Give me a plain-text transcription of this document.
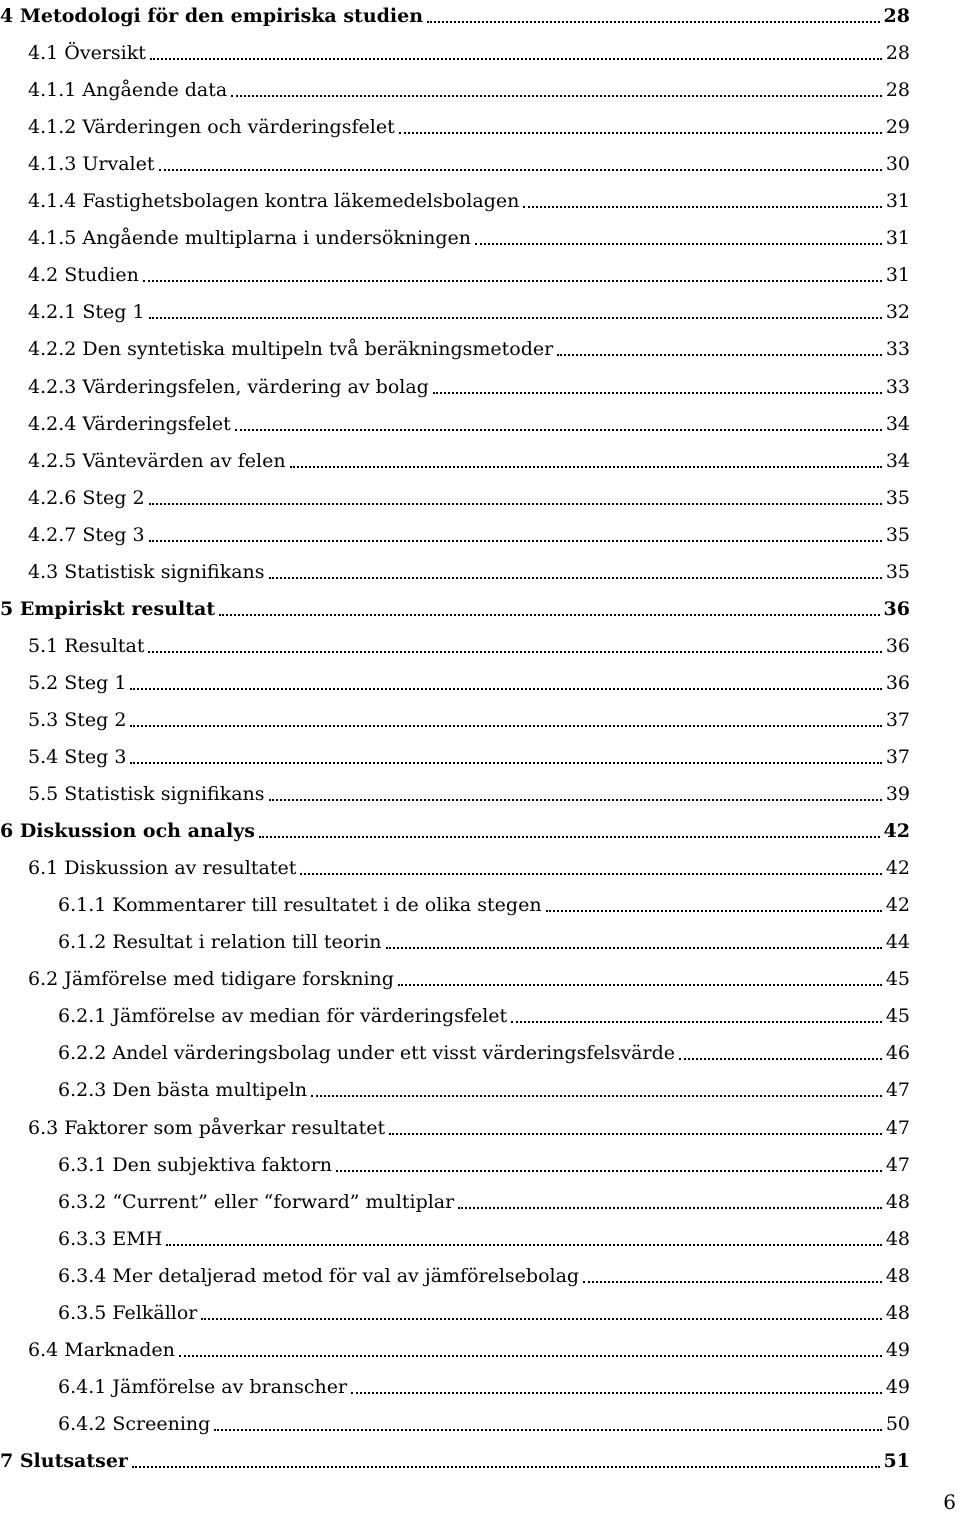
4 Metodologi för den empiriska studien	28
4.1 Översikt	28
4.1.1 Angående data	28
4.1.2 Värderingen och värderingsfelet	29
4.1.3 Urvalet	30
4.1.4 Fastighetsbolagen kontra läkemedelsbolagen	31
4.1.5 Angående multiplarna i undersökningen	31
4.2 Studien	31
4.2.1 Steg 1	32
4.2.2 Den syntetiska multipeln två beräkningsmetoder	33
4.2.3 Värderingsfelen, värdering av bolag	33
4.2.4 Värderingsfelet	34
4.2.5 Väntevärden av felen	34
4.2.6 Steg 2	35
4.2.7 Steg 3	35
4.3 Statistisk signifikans	35
5 Empiriskt resultat	36
5.1 Resultat	36
5.2 Steg 1	36
5.3 Steg 2	37
5.4 Steg 3	37
5.5 Statistisk signifikans	39
6 Diskussion och analys	42
6.1 Diskussion av resultatet	42
6.1.1 Kommentarer till resultatet i de olika stegen	42
6.1.2 Resultat i relation till teorin	44
6.2 Jämförelse med tidigare forskning	45
6.2.1 Jämförelse av median för värderingsfelet	45
6.2.2 Andel värderingsbolag under ett visst värderingsfelsvärde	46
6.2.3 Den bästa multipeln	47
6.3 Faktorer som påverkar resultatet	47
6.3.1 Den subjektiva faktorn	47
6.3.2 “Current” eller “forward” multiplar	48
6.3.3 EMH	48
6.3.4 Mer detaljerad metod för val av jämförelsebolag	48
6.3.5 Felkällor	48
6.4 Marknaden	49
6.4.1 Jämförelse av branscher	49
6.4.2 Screening	50
7 Slutsatser	51
6
